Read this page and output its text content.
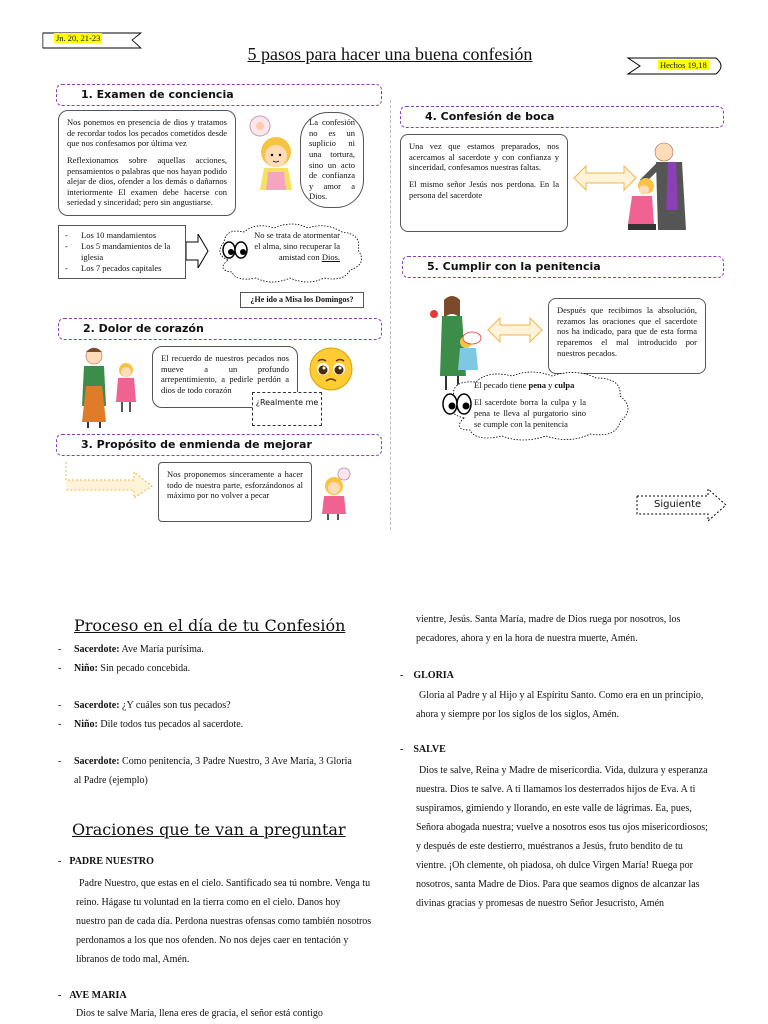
Jn. 20, 21-23
Hechos 19,18
5 pasos para hacer una buena confesión
1. Examen de conciencia

Nos ponemos en presencia de dios y tratamos de recordar todos los pecados cometidos desde que nos confesamos por última vez

Reflexionamos sobre aquellas acciones, pensamientos o palabras que nos hayan podido alejar de dios, ofender a los demás o dañarnos interiormente El examen debe hacerse con seriedad y sinceridad; pero sin angustiarse.

La confesión no es un suplicio ni una tortura, sino un acto de confianza y amor a Dios.
- Los 10 mandamientos
- Los 5 mandamientos de la iglesia
- Los 7 pecados capitales
No se trata de atormentar
el alma, sino recuperar la
amistad con Dios.
¿He ido a Misa los Domingos?
2. Dolor de corazón
El recuerdo de nuestros pecados nos mueve a un profundo arrepentimiento, a pedirle perdón a dios de todo corazón
¿Realmente me
3. Propósito de enmienda de mejorar
Nos proponemos sinceramente a hacer todo de nuestra parte, esforzándonos al máximo por no volver a pecar
4. Confesión de boca

Una vez que estamos preparados, nos acercamos al sacerdote y con confianza y sinceridad, confesamos nuestras faltas.

El mismo señor Jesús nos perdona. En la persona del sacerdote

5. Cumplir con la penitencia
Después que recibimos la absolución, rezamos las oraciones que el sacerdote nos ha indicado, para que de esta forma reparemos el mal introducido por nuestros pecados.
El pecado tiene pena y culpa
El sacerdote borra la culpa y la pena te lleva al purgatorio sino se cumple con la penitencia
Siguiente
Proceso en el día de tu Confesión
- Sacerdote: Ave María purísima.
- Niño: Sin pecado concebida.
- Sacerdote: ¿Y cuáles son tus pecados?
- Niño: Dile todos tus pecados al sacerdote.
- Sacerdote: Como penitencia, 3 Padre Nuestro, 3 Ave María, 3 Gloria al Padre (ejemplo)
Oraciones que te van a preguntar
- PADRE NUESTRO
Padre Nuestro, que estas en el cielo. Santificado sea tú nombre. Venga tu reino. Hágase tu voluntad en la tierra como en el cielo. Danos hoy nuestro pan de cada día. Perdona nuestras ofensas como también nosotros perdonamos a los que nos ofenden. No nos dejes caer en tentación y líbranos de todo mal, Amén.
- AVE MARIA
Dios te salve María, llena eres de gracia, el señor está contigo
vientre, Jesús. Santa María, madre de Dios ruega por nosotros, los pecadores, ahora y en la hora de nuestra muerte, Amén.
- GLORIA
Gloria al Padre y al Hijo y al Espíritu Santo. Como era en un principio, ahora y siempre por los siglos de los siglos, Amén.
- SALVE
Dios te salve, Reina y Madre de misericordia. Vida, dulzura y esperanza nuestra. Dios te salve. A ti llamamos los desterrados hijos de Eva. A ti suspiramos, gimiendo y llorando, en este valle de lágrimas. Ea, pues, Señora abogada nuestra; vuelve a nosotros esos tus ojos misericordiosos; y después de este destierro, muéstranos a Jesús, fruto bendito de tu vientre. ¡Oh clemente, oh piadosa, oh dulce Virgen María! Ruega por nosotros, santa Madre de Dios. Para que seamos dignos de alcanzar las divinas gracias y promesas de nuestro Señor Jesucristo, Amén
